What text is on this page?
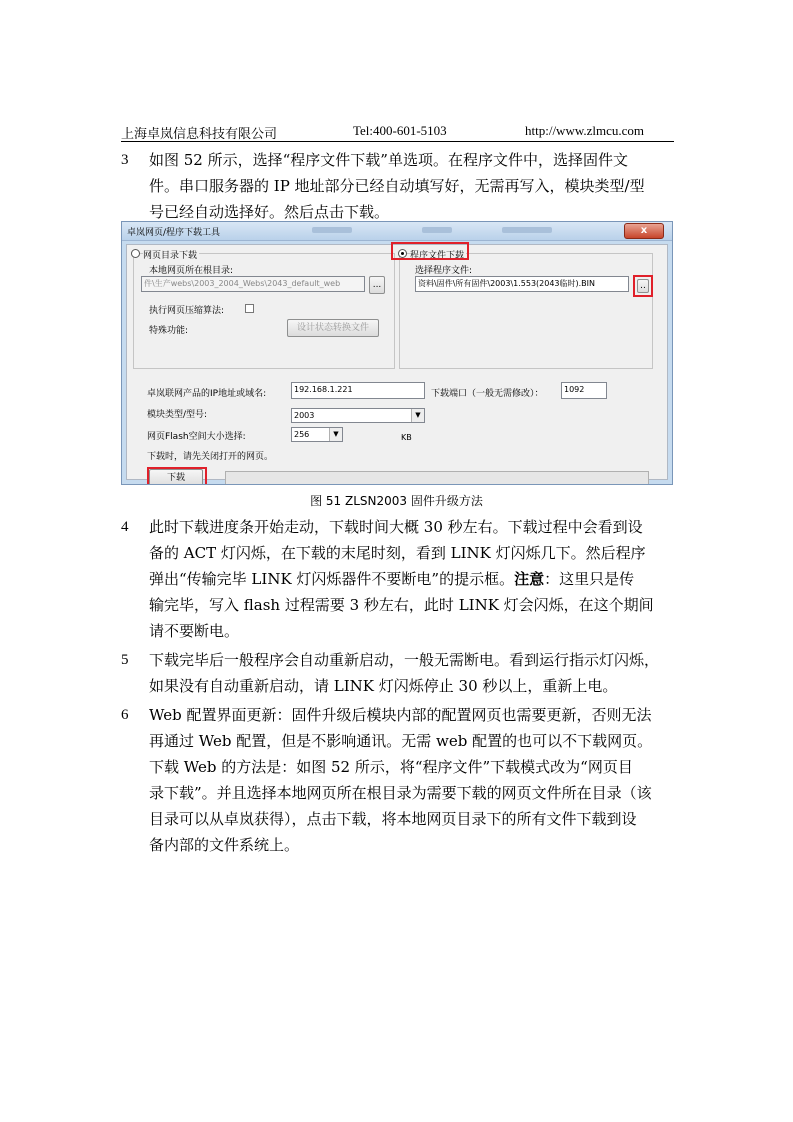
上海卓岚信息科技有限公司	Tel:400-601-5103	http://www.zlmcu.com
3	如图 52 所示，选择“程序文件下载”单选项。在程序文件中，选择固件文
件。串口服务器的 IP 地址部分已经自动填写好，无需再写入，模块类型/型
号已经自动选择好。然后点击下载。
卓岚网页/程序下载工具	x
网页目录下载
本地网页所在根目录:
件\生产webs\2003_2004_Webs\2043_default_web	...
执行网页压缩算法:
特殊功能:	设计状态转换文件
程序文件下载
选择程序文件:
资料\固件\所有固件\2003\1.553(2043临时).BIN	..
卓岚联网产品的IP地址或域名:	192.168.1.221	下载端口（一般无需修改）：	1092
模块类型/型号:	2003	▼
网页Flash空间大小选择:	256	▼	KB
下载时，请先关闭打开的网页。
下载
图 51 ZLSN2003 固件升级方法
4	此时下载进度条开始走动，下载时间大概 30 秒左右。下载过程中会看到设
备的 ACT 灯闪烁，在下载的末尾时刻，看到 LINK 灯闪烁几下。然后程序
弹出“传输完毕 LINK 灯闪烁器件不要断电”的提示框。注意：这里只是传
输完毕，写入 flash 过程需要 3 秒左右，此时 LINK 灯会闪烁，在这个期间
请不要断电。
5	下载完毕后一般程序会自动重新启动，一般无需断电。看到运行指示灯闪烁，
如果没有自动重新启动，请 LINK 灯闪烁停止 30 秒以上，重新上电。
6	Web 配置界面更新：固件升级后模块内部的配置网页也需要更新，否则无法
再通过 Web 配置，但是不影响通讯。无需 web 配置的也可以不下载网页。
下载 Web 的方法是：如图 52 所示，将“程序文件”下载模式改为“网页目
录下载”。并且选择本地网页所在根目录为需要下载的网页文件所在目录（该
目录可以从卓岚获得），点击下载，将本地网页目录下的所有文件下载到设
备内部的文件系统上。
